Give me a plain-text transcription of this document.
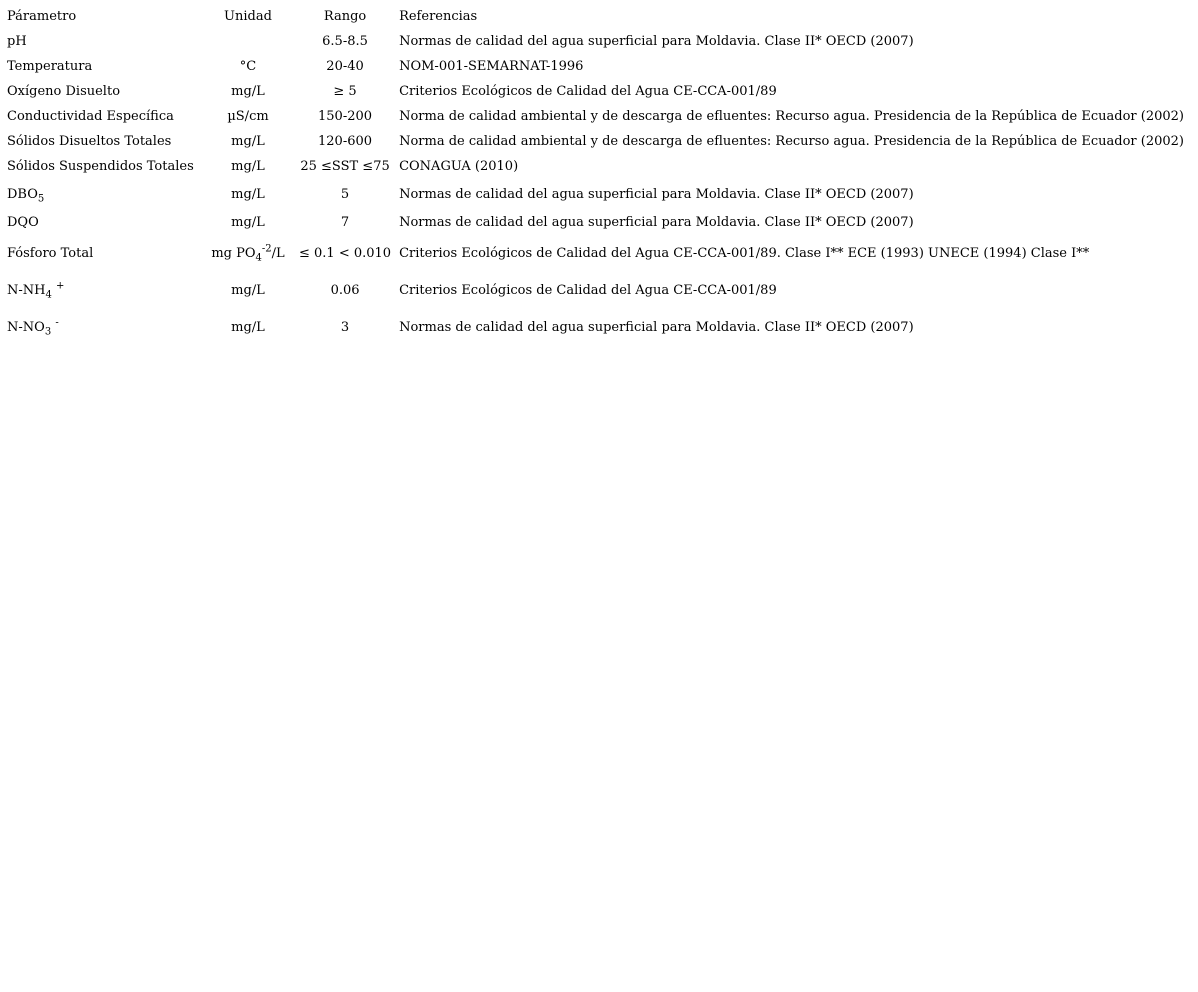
Párametro	Unidad	Rango	Referencias
pH		6.5-8.5	Normas de calidad del agua superficial para Moldavia. Clase II* OECD (2007)
Temperatura	°C	20-40	NOM-001-SEMARNAT-1996
Oxígeno Disuelto	mg/L	≥ 5	Criterios Ecológicos de Calidad del Agua CE-CCA-001/89
Conductividad Específica	µS/cm	150-200	Norma de calidad ambiental y de descarga de efluentes: Recurso agua. Presidencia de la República de Ecuador (2002)
Sólidos Disueltos Totales	mg/L	120-600	Norma de calidad ambiental y de descarga de efluentes: Recurso agua. Presidencia de la República de Ecuador (2002)
Sólidos Suspendidos Totales	mg/L	25 ≤SST ≤75	CONAGUA (2010)
$DBO_5$	mg/L	5	Normas de calidad del agua superficial para Moldavia. Clase II* OECD (2007)
DQO	mg/L	7	Normas de calidad del agua superficial para Moldavia. Clase II* OECD (2007)
Fósforo Total	mg $PO_4^{-2}/L$	≤ 0.1 < 0.010	Criterios Ecológicos de Calidad del Agua CE-CCA-001/89. Clase I** ECE (1993) UNECE (1994) Clase I**
$N-NH_4$ +	mg/L	0.06	Criterios Ecológicos de Calidad del Agua CE-CCA-001/89
$N-NO_3$ -	mg/L	3	Normas de calidad del agua superficial para Moldavia. Clase II* OECD (2007)
